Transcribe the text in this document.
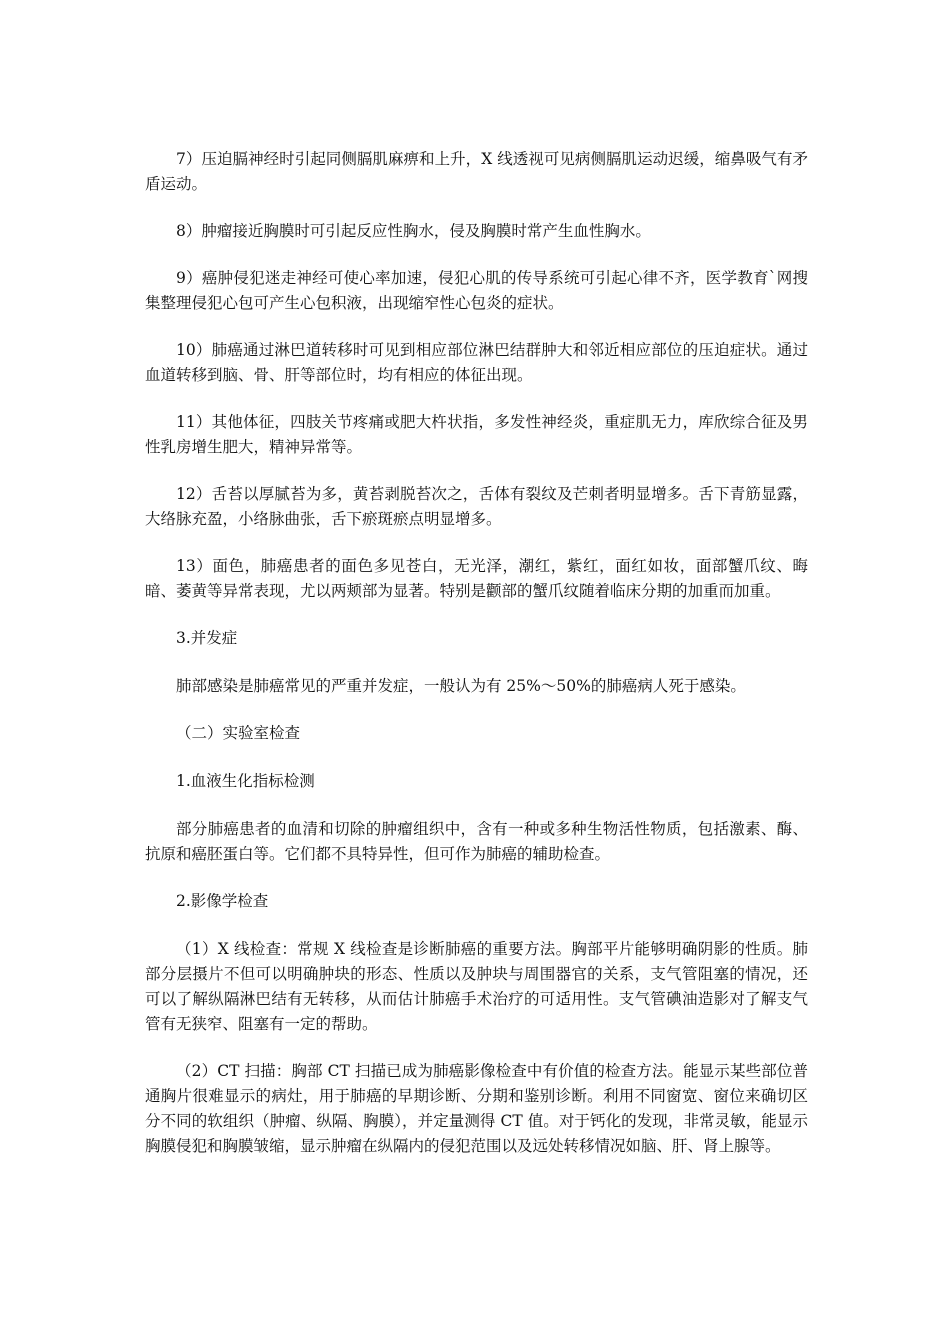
7）压迫膈神经时引起同侧膈肌麻痹和上升，X 线透视可见病侧膈肌运动迟缓，缩鼻吸气有矛盾运动。

8）肿瘤接近胸膜时可引起反应性胸水，侵及胸膜时常产生血性胸水。

9）癌肿侵犯迷走神经可使心率加速，侵犯心肌的传导系统可引起心律不齐，医学教育`网搜集整理侵犯心包可产生心包积液，出现缩窄性心包炎的症状。

10）肺癌通过淋巴道转移时可见到相应部位淋巴结群肿大和邻近相应部位的压迫症状。通过血道转移到脑、骨、肝等部位时，均有相应的体征出现。

11）其他体征，四肢关节疼痛或肥大杵状指，多发性神经炎，重症肌无力，库欣综合征及男性乳房增生肥大，精神异常等。

12）舌苔以厚腻苔为多，黄苔剥脱苔次之，舌体有裂纹及芒刺者明显增多。舌下青筋显露，大络脉充盈，小络脉曲张，舌下瘀斑瘀点明显增多。

13）面色，肺癌患者的面色多见苍白，无光泽，潮红，紫红，面红如妆，面部蟹爪纹、晦暗、萎黄等异常表现，尤以两颊部为显著。特别是颧部的蟹爪纹随着临床分期的加重而加重。

3.并发症

肺部感染是肺癌常见的严重并发症，一般认为有 25%～50%的肺癌病人死于感染。

（二）实验室检查

1.血液生化指标检测

部分肺癌患者的血清和切除的肿瘤组织中，含有一种或多种生物活性物质，包括激素、酶、抗原和癌胚蛋白等。它们都不具特异性，但可作为肺癌的辅助检查。

2.影像学检查

（1）X 线检查：常规 X 线检查是诊断肺癌的重要方法。胸部平片能够明确阴影的性质。肺部分层摄片不但可以明确肿块的形态、性质以及肿块与周围器官的关系，支气管阻塞的情况，还可以了解纵隔淋巴结有无转移，从而估计肺癌手术治疗的可适用性。支气管碘油造影对了解支气管有无狭窄、阻塞有一定的帮助。

（2）CT 扫描：胸部 CT 扫描已成为肺癌影像检查中有价值的检查方法。能显示某些部位普通胸片很难显示的病灶，用于肺癌的早期诊断、分期和鉴别诊断。利用不同窗宽、窗位来确切区分不同的软组织（肿瘤、纵隔、胸膜），并定量测得 CT 值。对于钙化的发现，非常灵敏，能显示胸膜侵犯和胸膜皱缩，显示肿瘤在纵隔内的侵犯范围以及远处转移情况如脑、肝、肾上腺等。
